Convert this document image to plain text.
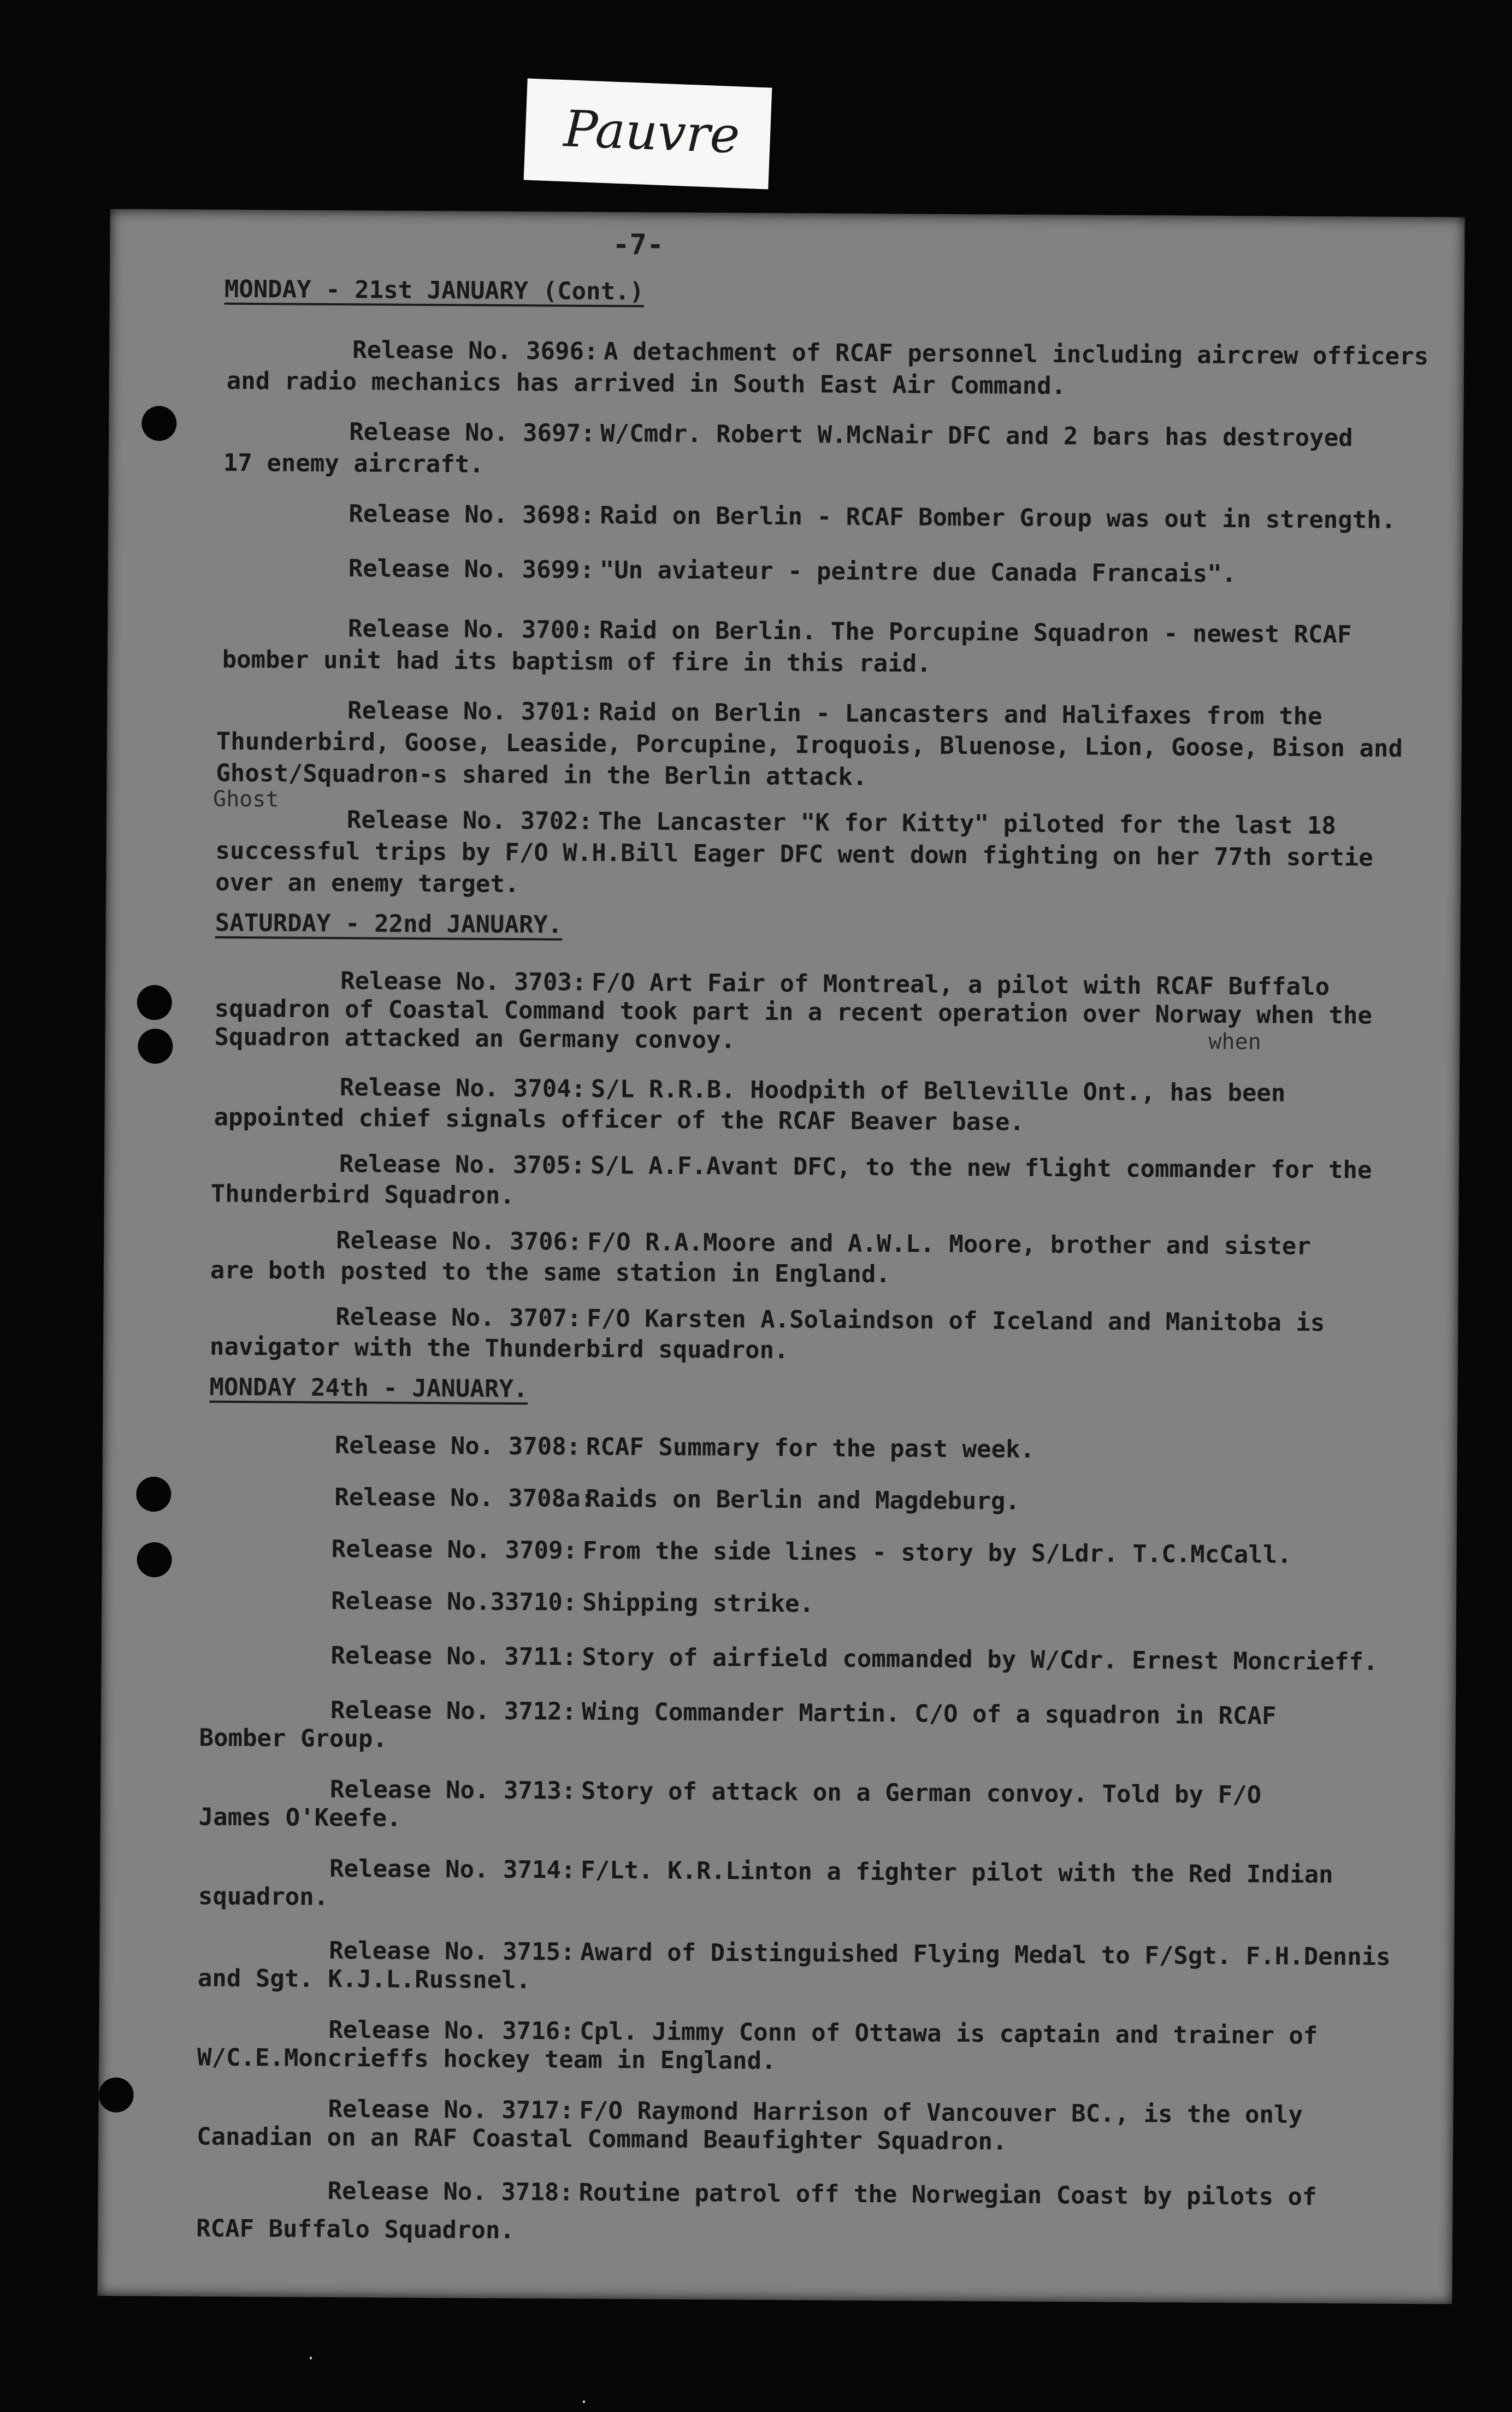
Pauvre
-7-
MONDAY - 21st JANUARY (Cont.)
Release No. 3696: A detachment of RCAF personnel including aircrew officers
and radio mechanics has arrived in South East Air Command.
Release No. 3697: W/Cmdr. Robert W.McNair DFC and 2 bars has destroyed
17 enemy aircraft.
Release No. 3698: Raid on Berlin - RCAF Bomber Group was out in strength.
Release No. 3699: "Un aviateur - peintre due Canada Francais".
Release No. 3700: Raid on Berlin. The Porcupine Squadron - newest RCAF
bomber unit had its baptism of fire in this raid.
Release No. 3701: Raid on Berlin - Lancasters and Halifaxes from the
Thunderbird, Goose, Leaside, Porcupine, Iroquois, Bluenose, Lion, Goose, Bison and
Ghost/Squadron-s shared in the Berlin attack.
Ghost
Release No. 3702: The Lancaster "K for Kitty" piloted for the last 18
successful trips by F/O W.H.Bill Eager DFC went down fighting on her 77th sortie
over an enemy target.
SATURDAY - 22nd JANUARY.
Release No. 3703: F/O Art Fair of Montreal, a pilot with RCAF Buffalo
squadron of Coastal Command took part in a recent operation over Norway when the
Squadron attacked an Germany convoy.	when
Release No. 3704: S/L R.R.B. Hoodpith of Belleville Ont., has been
appointed chief signals officer of the RCAF Beaver base.
Release No. 3705: S/L A.F.Avant DFC, to the new flight commander for the
Thunderbird Squadron.
Release No. 3706: F/O R.A.Moore and A.W.L. Moore, brother and sister
are both posted to the same station in England.
Release No. 3707: F/O Karsten A.Solaindson of Iceland and Manitoba is
navigator with the Thunderbird squadron.
MONDAY 24th - JANUARY.
Release No. 3708: RCAF Summary for the past week.
Release No. 3708a:
Raids on Berlin and Magdeburg.
Release No. 3709: From the side lines - story by S/Ldr. T.C.McCall.
Release No.33710: Shipping strike.
Release No. 3711: Story of airfield commanded by W/Cdr. Ernest Moncrieff.
Release No. 3712: Wing Commander Martin. C/O of a squadron in RCAF
Bomber Group.
Release No. 3713: Story of attack on a German convoy. Told by F/O
James O'Keefe.
Release No. 3714: F/Lt. K.R.Linton a fighter pilot with the Red Indian
squadron.
Release No. 3715: Award of Distinguished Flying Medal to F/Sgt. F.H.Dennis
and Sgt. K.J.L.Russnel.
Release No. 3716: Cpl. Jimmy Conn of Ottawa is captain and trainer of
W/C.E.Moncrieffs hockey team in England.
Release No. 3717: F/O Raymond Harrison of Vancouver BC., is the only
Canadian on an RAF Coastal Command Beaufighter Squadron.
Release No. 3718: Routine patrol off the Norwegian Coast by pilots of
RCAF Buffalo Squadron.
·
·
